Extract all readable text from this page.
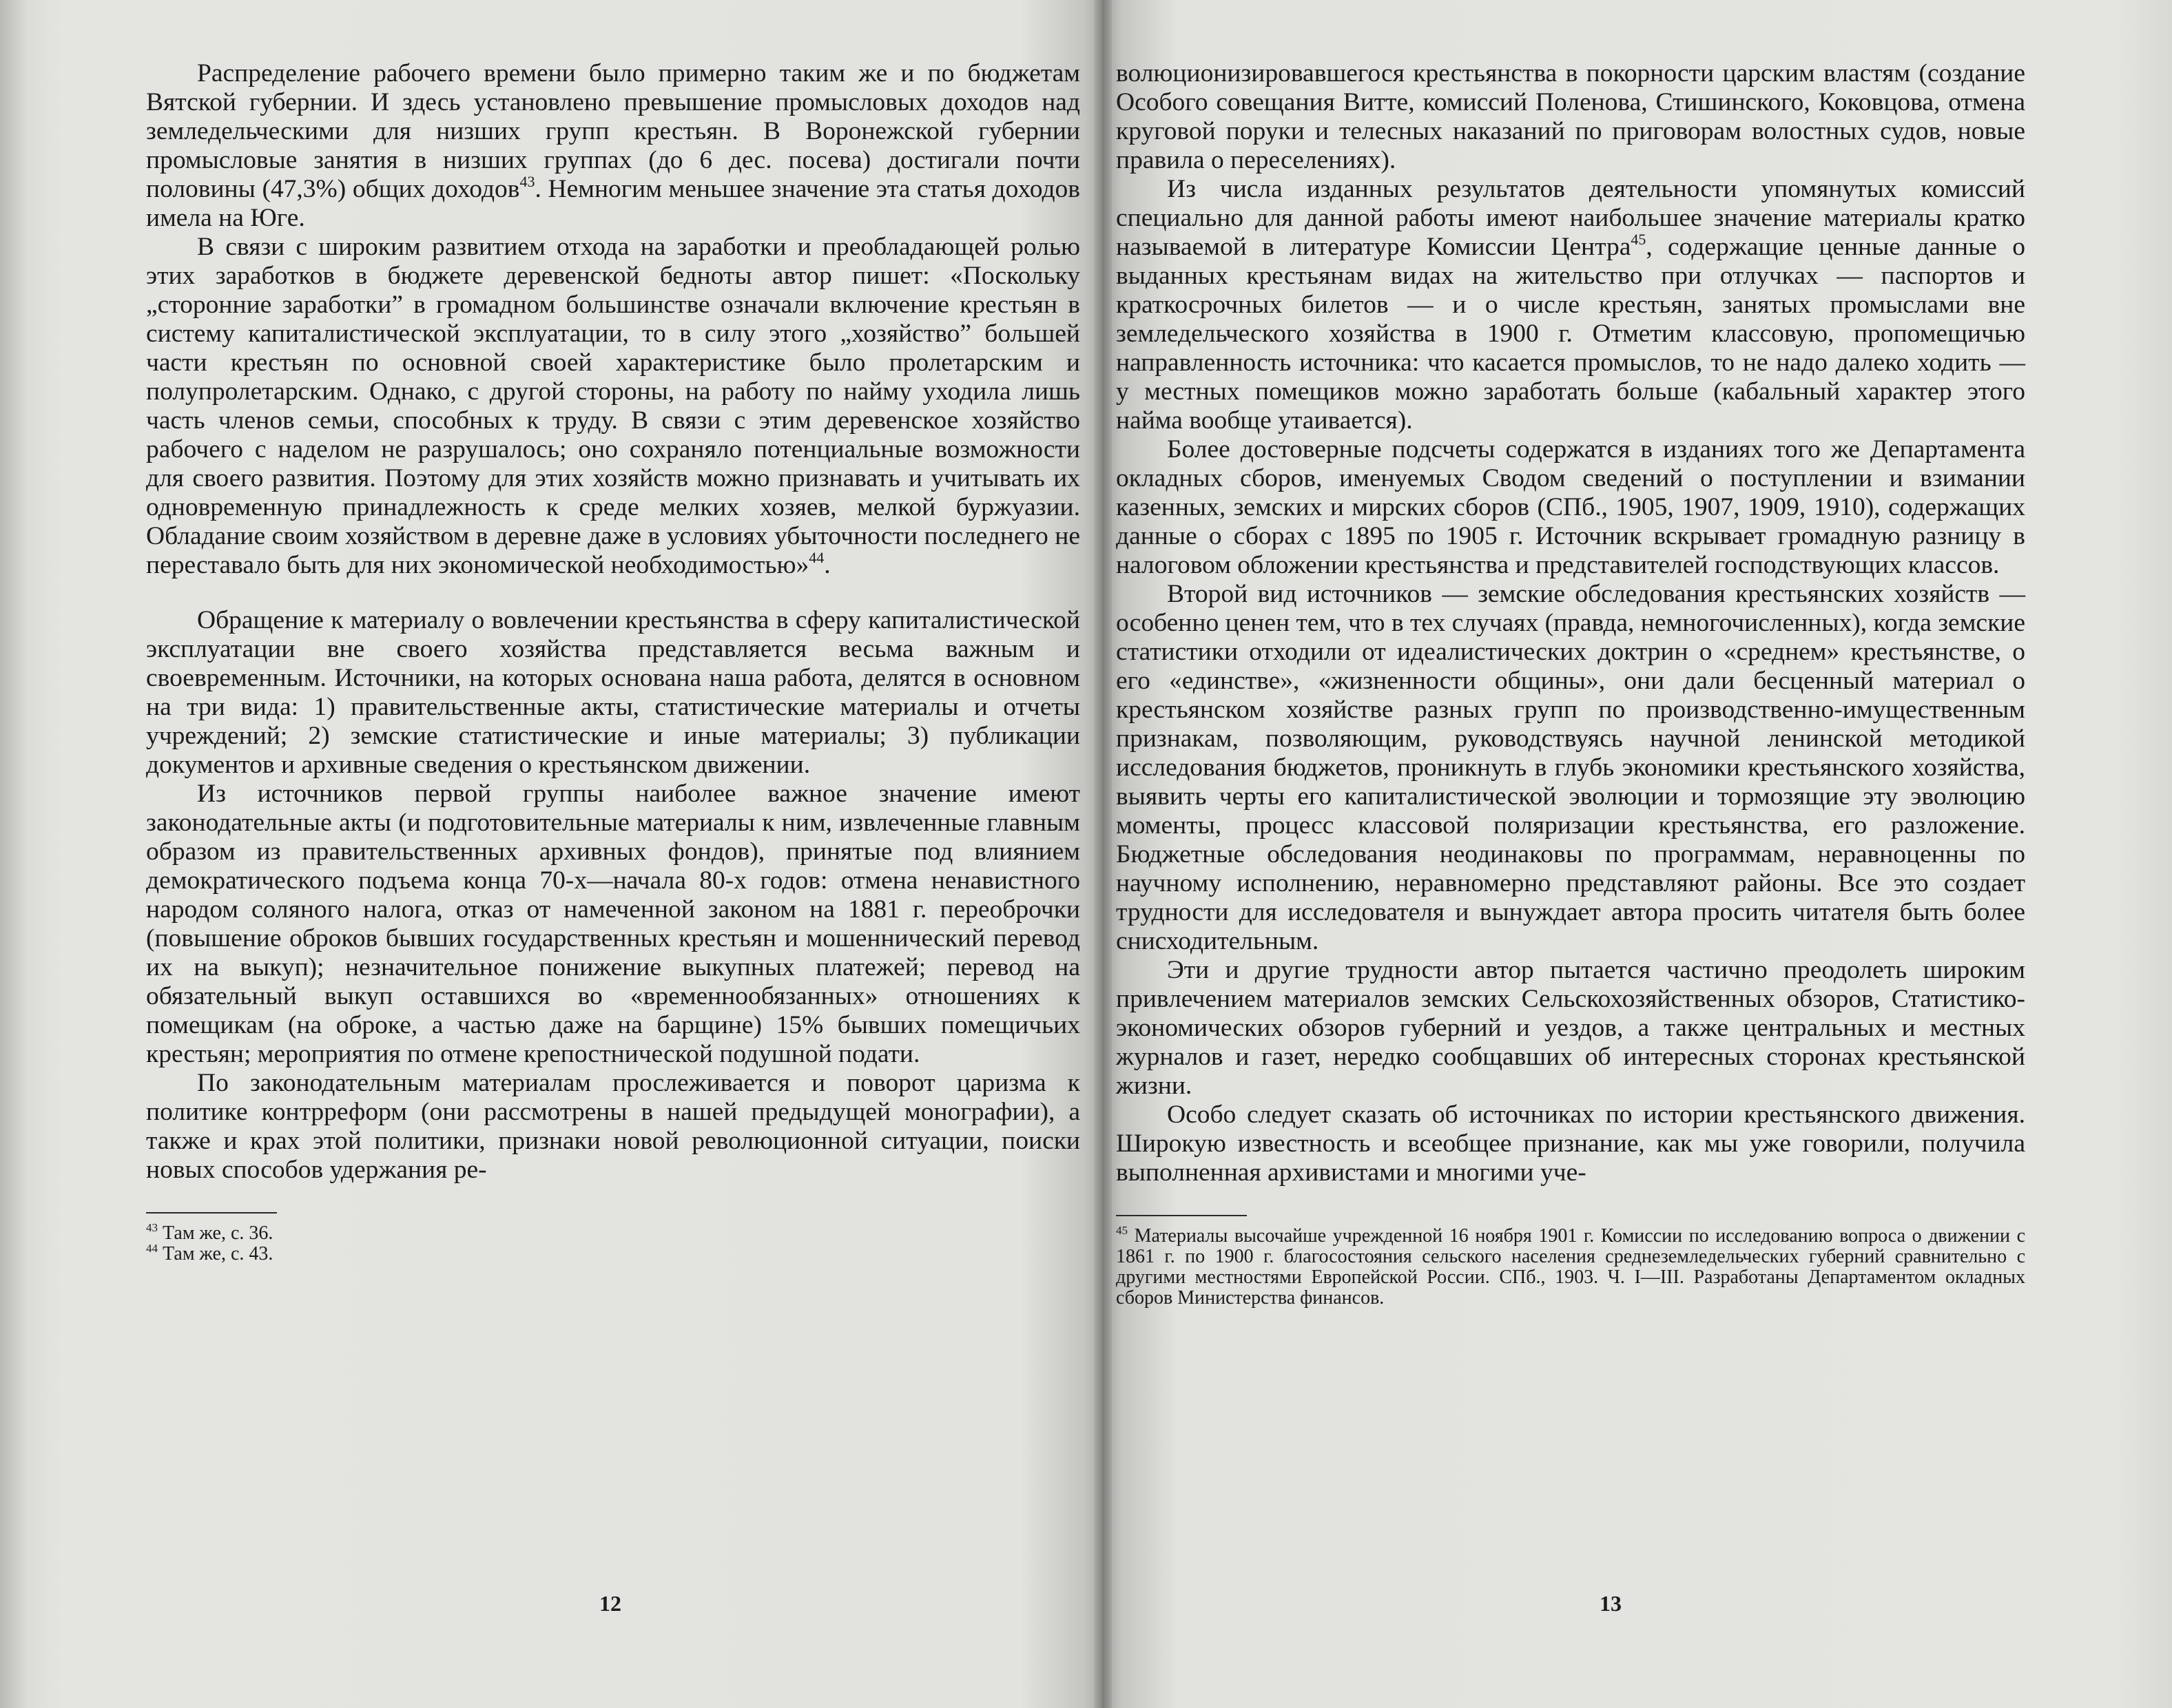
Распределение рабочего времени было примерно таким же и по бюджетам Вятской губернии. И здесь установлено превышение промысловых доходов над земледельческими для низших групп крестьян. В Воронежской губернии промысловые занятия в низших группах (до 6 дес. посева) достигали почти половины (47,3%) общих доходов$^{43}$. Немногим меньшее значение эта статья доходов имела на Юге.

В связи с широким развитием отхода на заработки и преобладающей ролью этих заработков в бюджете деревенской бедноты автор пишет: «Поскольку „сторонние заработки” в громадном большинстве означали включение крестьян в систему капиталистической эксплуатации, то в силу этого „хозяйство” большей части крестьян по основной своей характеристике было пролетарским и полупролетарским. Однако, с другой стороны, на работу по найму уходила лишь часть членов семьи, способных к труду. В связи с этим деревенское хозяйство рабочего с наделом не разрушалось; оно сохраняло потенциальные возможности для своего развития. Поэтому для этих хозяйств можно признавать и учитывать их одновременную принадлежность к среде мелких хозяев, мелкой буржуазии. Обладание своим хозяйством в деревне даже в условиях убыточности последнего не переставало быть для них экономической необходимостью»$^{44}$.

Обращение к материалу о вовлечении крестьянства в сферу капиталистической эксплуатации вне своего хозяйства представляется весьма важным и своевременным. Источники, на которых основана наша работа, делятся в основном на три вида: 1) правительственные акты, статистические материалы и отчеты учреждений; 2) земские статистические и иные материалы; 3) публикации документов и архивные сведения о крестьянском движении.

Из источников первой группы наиболее важное значение имеют законодательные акты (и подготовительные материалы к ним, извлеченные главным образом из правительственных архивных фондов), принятые под влиянием демократического подъема конца 70-х—начала 80-х годов: отмена ненавистного народом соляного налога, отказ от намеченной законом на 1881 г. переоброчки (повышение оброков бывших государственных крестьян и мошеннический перевод их на выкуп); незначительное понижение выкупных платежей; перевод на обязательный выкуп оставшихся во «временнообязанных» отношениях к помещикам (на оброке, а частью даже на барщине) 15% бывших помещичьих крестьян; мероприятия по отмене крепостнической подушной подати.

По законодательным материалам прослеживается и поворот царизма к политике контрреформ (они рассмотрены в нашей предыдущей монографии), а также и крах этой политики, признаки новой революционной ситуации, поиски новых способов удержания ре-

$^{43}$ Там же, с. 36.

$^{44}$ Там же, с. 43.

12

волюционизировавшегося крестьянства в покорности царским властям (создание Особого совещания Витте, комиссий Поленова, Стишинского, Коковцова, отмена круговой поруки и телесных наказаний по приговорам волостных судов, новые правила о переселениях).

Из числа изданных результатов деятельности упомянутых комиссий специально для данной работы имеют наибольшее значение материалы кратко называемой в литературе Комиссии Центра$^{45}$, содержащие ценные данные о выданных крестьянам видах на жительство при отлучках — паспортов и краткосрочных билетов — и о числе крестьян, занятых промыслами вне земледельческого хозяйства в 1900 г. Отметим классовую, пропомещичью направленность источника: что касается промыслов, то не надо далеко ходить — у местных помещиков можно заработать больше (кабальный характер этого найма вообще утаивается).

Более достоверные подсчеты содержатся в изданиях того же Департамента окладных сборов, именуемых Сводом сведений о поступлении и взимании казенных, земских и мирских сборов (СПб., 1905, 1907, 1909, 1910), содержащих данные о сборах с 1895 по 1905 г. Источник вскрывает громадную разницу в налоговом обложении крестьянства и представителей господствующих классов.

Второй вид источников — земские обследования крестьянских хозяйств — особенно ценен тем, что в тех случаях (правда, немногочисленных), когда земские статистики отходили от идеалистических доктрин о «среднем» крестьянстве, о его «единстве», «жизненности общины», они дали бесценный материал о крестьянском хозяйстве разных групп по производственно-имущественным признакам, позволяющим, руководствуясь научной ленинской методикой исследования бюджетов, проникнуть в глубь экономики крестьянского хозяйства, выявить черты его капиталистической эволюции и тормозящие эту эволюцию моменты, процесс классовой поляризации крестьянства, его разложение. Бюджетные обследования неодинаковы по программам, неравноценны по научному исполнению, неравномерно представляют районы. Все это создает трудности для исследователя и вынуждает автора просить читателя быть более снисходительным.

Эти и другие трудности автор пытается частично преодолеть широким привлечением материалов земских Сельскохозяйственных обзоров, Статистико-экономических обзоров губерний и уездов, а также центральных и местных журналов и газет, нередко сообщавших об интересных сторонах крестьянской жизни.

Особо следует сказать об источниках по истории крестьянского движения. Широкую известность и всеобщее признание, как мы уже говорили, получила выполненная архивистами и многими уче-

$^{45}$ Материалы высочайше учрежденной 16 ноября 1901 г. Комиссии по исследованию вопроса о движении с 1861 г. по 1900 г. благосостояния сельского населения среднеземледельческих губерний сравнительно с другими местностями Европейской России. СПб., 1903. Ч. I—III. Разработаны Департаментом окладных сборов Министерства финансов.

13
